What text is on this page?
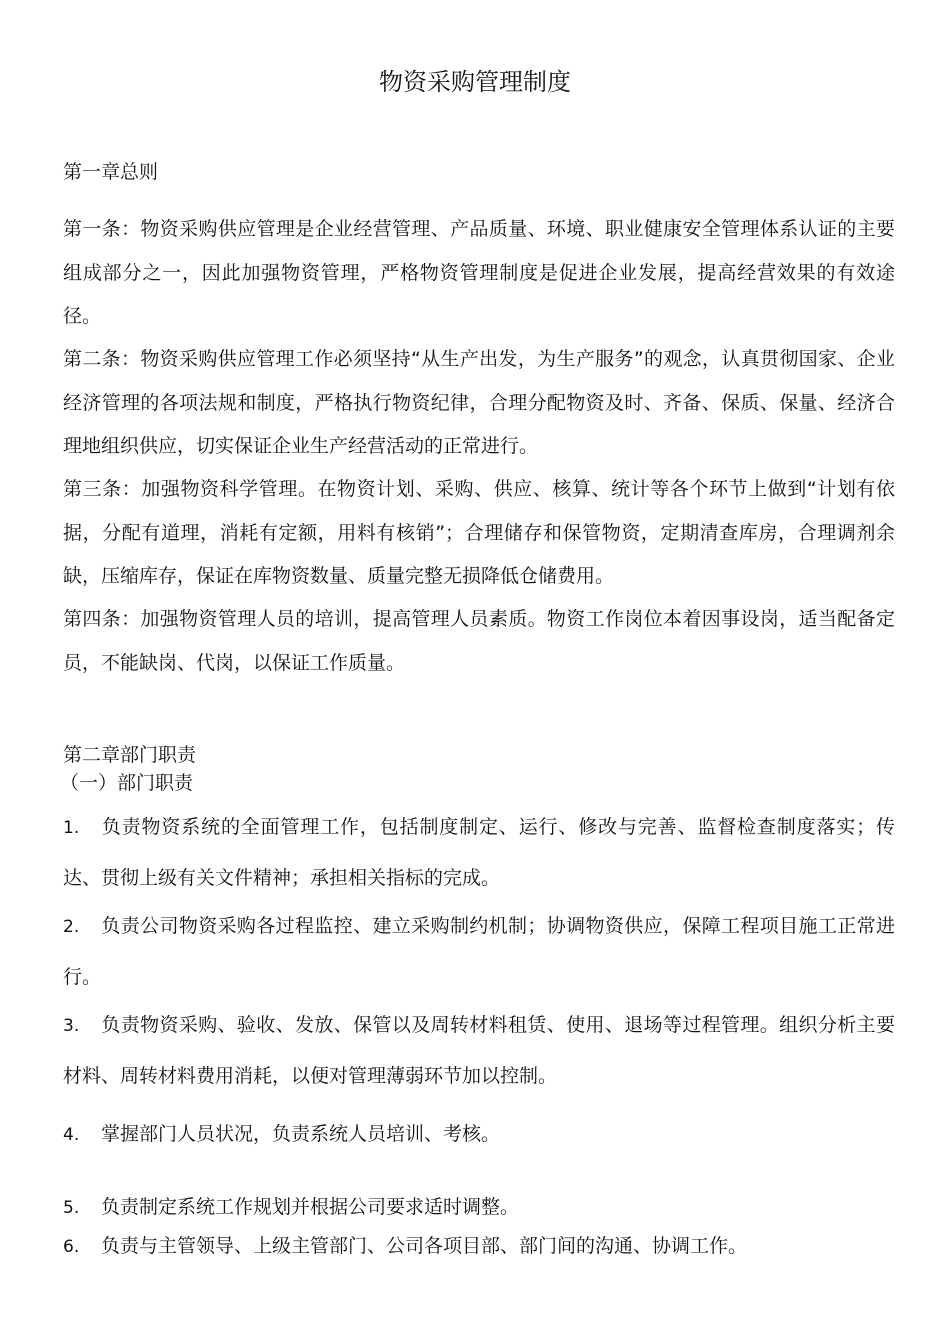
物资采购管理制度
第一章总则

第一条：物资采购供应管理是企业经营管理、产品质量、环境、职业健康安全管理体系认证的主要组成部分之一，因此加强物资管理，严格物资管理制度是促进企业发展，提高经营效果的有效途径。

第二条：物资采购供应管理工作必须坚持“从生产出发，为生产服务”的观念，认真贯彻国家、企业经济管理的各项法规和制度，严格执行物资纪律，合理分配物资及时、齐备、保质、保量、经济合理地组织供应，切实保证企业生产经营活动的正常进行。

第三条：加强物资科学管理。在物资计划、采购、供应、核算、统计等各个环节上做到“计划有依据，分配有道理，消耗有定额，用料有核销”；合理储存和保管物资，定期清查库房，合理调剂余缺，压缩库存，保证在库物资数量、质量完整无损降低仓储费用。

第四条：加强物资管理人员的培训，提高管理人员素质。物资工作岗位本着因事设岗，适当配备定员，不能缺岗、代岗，以保证工作质量。

第二章部门职责
（一）部门职责

1. 负责物资系统的全面管理工作，包括制度制定、运行、修改与完善、监督检查制度落实；传达、贯彻上级有关文件精神；承担相关指标的完成。

2. 负责公司物资采购各过程监控、建立采购制约机制；协调物资供应，保障工程项目施工正常进行。

3. 负责物资采购、验收、发放、保管以及周转材料租赁、使用、退场等过程管理。组织分析主要材料、周转材料费用消耗，以便对管理薄弱环节加以控制。

4. 掌握部门人员状况，负责系统人员培训、考核。

5. 负责制定系统工作规划并根据公司要求适时调整。

6. 负责与主管领导、上级主管部门、公司各项目部、部门间的沟通、协调工作。
